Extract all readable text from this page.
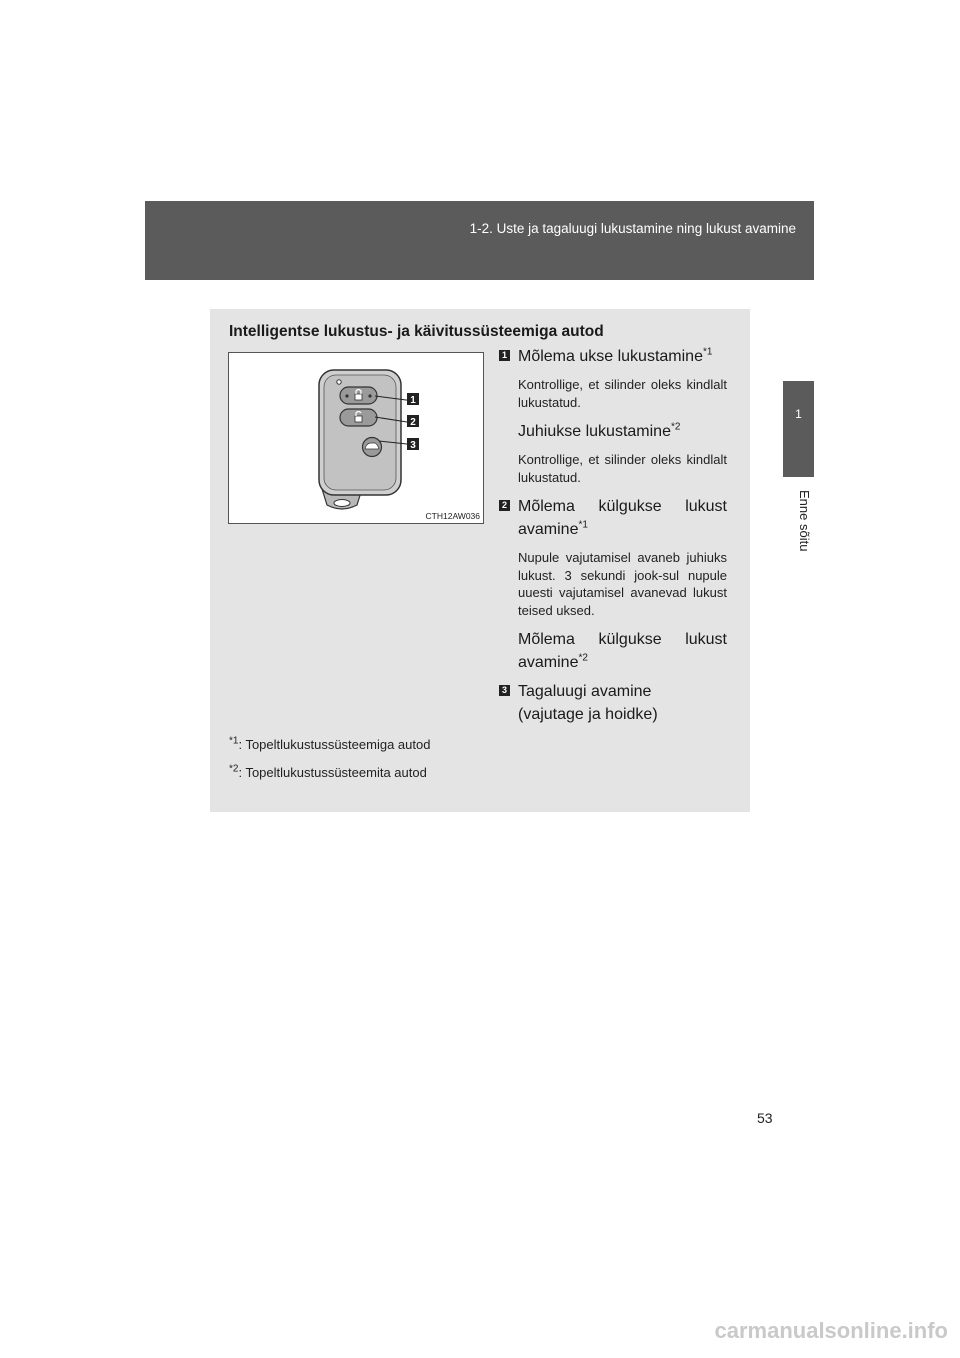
1-2. Uste ja tagaluugi lukustamine ning lukust avamine
1
Enne sõitu
Intelligentse lukustus- ja käivitussüsteemiga autod
1
2
3
CTH12AW036
1 Mõlema ukse lukustamine$^{*1}$
Kontrollige, et silinder oleks kindlalt lukustatud.
Juhiukse lukustamine$^{*2}$
Kontrollige, et silinder oleks kindlalt lukustatud.
2 Mõlema külgukse lukust
avamine$^{*1}$
Nupule vajutamisel avaneb juhiuks lukust. 3 sekundi jook-sul nupule uuesti vajutamisel avanevad lukust teised uksed.
Mõlema külgukse lukust
avamine$^{*2}$
3 Tagaluugi avamine
(vajutage ja hoidke)
$^{*1}$: Topeltlukustussüsteemiga autod
$^{*2}$: Topeltlukustussüsteemita autod
53
carmanualsonline.info
